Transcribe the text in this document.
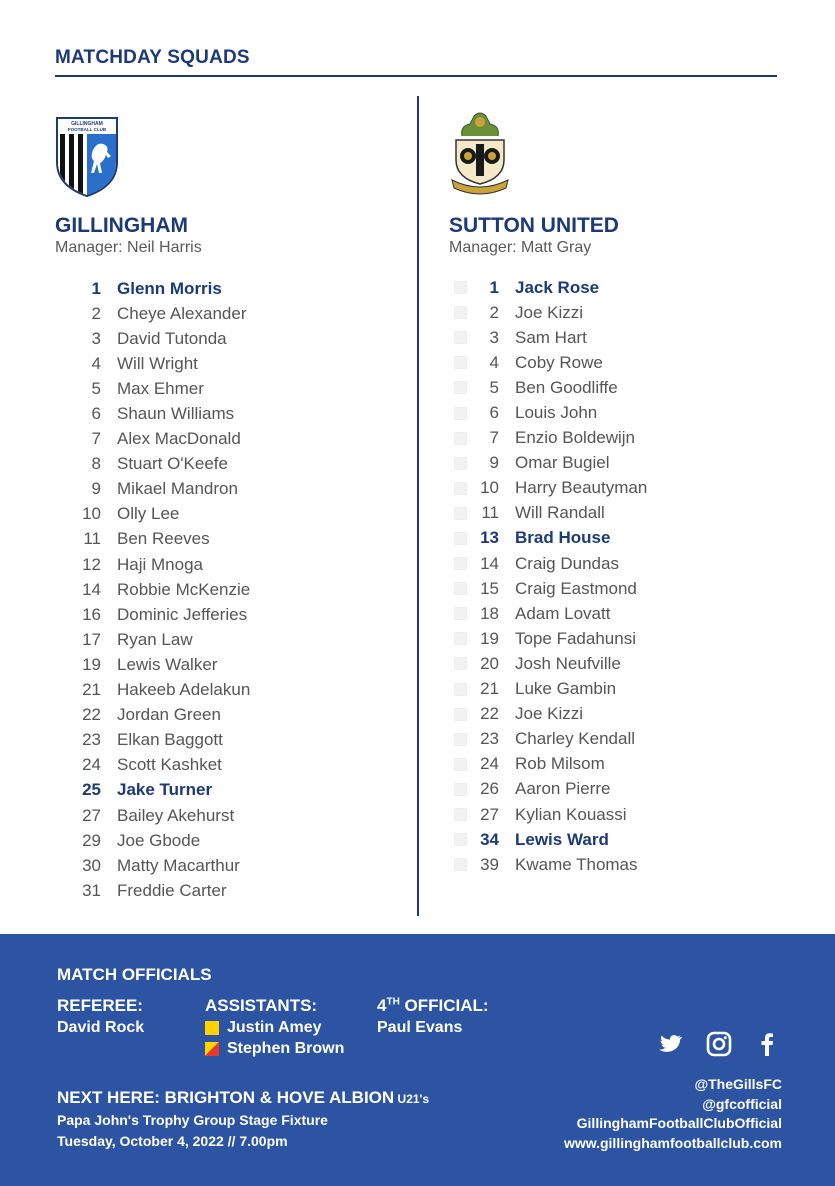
MATCHDAY SQUADS
GILLINGHAM
FOOTBALL CLUB
GILLINGHAM
Manager: Neil Harris
1 Glenn Morris
2 Cheye Alexander
3 David Tutonda
4 Will Wright
5 Max Ehmer
6 Shaun Williams
7 Alex MacDonald
8 Stuart O'Keefe
9 Mikael Mandron
10 Olly Lee
11 Ben Reeves
12 Haji Mnoga
14 Robbie McKenzie
16 Dominic Jefferies
17 Ryan Law
19 Lewis Walker
21 Hakeeb Adelakun
22 Jordan Green
23 Elkan Baggott
24 Scott Kashket
25 Jake Turner
27 Bailey Akehurst
29 Joe Gbode
30 Matty Macarthur
31 Freddie Carter
SUTTON UNITED
Manager: Matt Gray
1 Jack Rose
2 Joe Kizzi
3 Sam Hart
4 Coby Rowe
5 Ben Goodliffe
6 Louis John
7 Enzio Boldewijn
9 Omar Bugiel
10 Harry Beautyman
11 Will Randall
13 Brad House
14 Craig Dundas
15 Craig Eastmond
18 Adam Lovatt
19 Tope Fadahunsi
20 Josh Neufville
21 Luke Gambin
22 Joe Kizzi
23 Charley Kendall
24 Rob Milsom
26 Aaron Pierre
27 Kylian Kouassi
34 Lewis Ward
39 Kwame Thomas
MATCH OFFICIALS
REFEREE:
David Rock
ASSISTANTS:
Justin Amey
Stephen Brown
4TH OFFICIAL:
Paul Evans
NEXT HERE: BRIGHTON & HOVE ALBION U21's
Papa John's Trophy Group Stage Fixture
Tuesday, October 4, 2022 // 7.00pm
@TheGillsFC
@gfcofficial
GillinghamFootballClubOfficial
www.gillinghamfootballclub.com
